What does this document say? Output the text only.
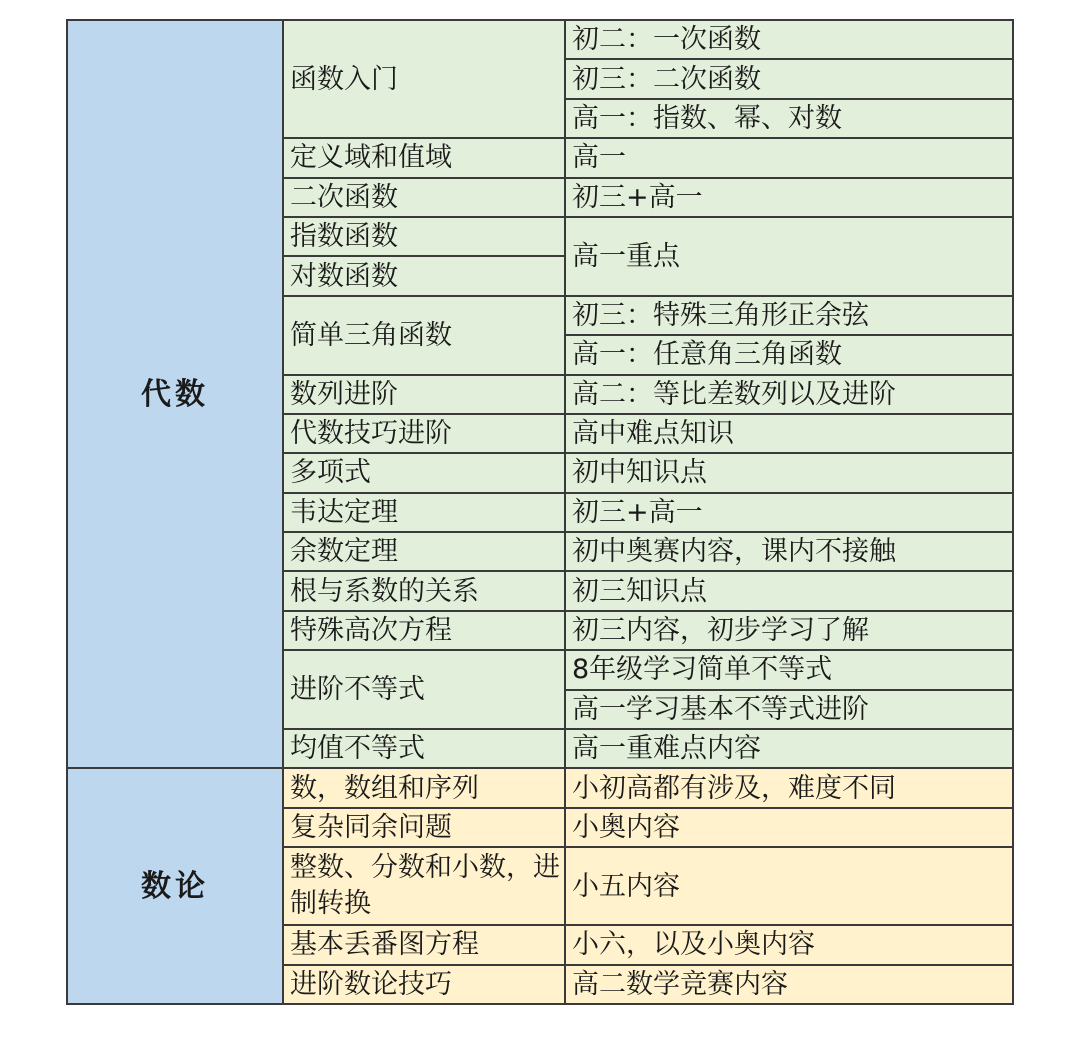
代数	函数入门	初二：一次函数
		初三：二次函数
		高一：指数、幂、对数
	定义域和值域	高一
	二次函数	初三+高一
	指数函数	高一重点
	对数函数	
	简单三角函数	初三：特殊三角形正余弦
		高一：任意角三角函数
	数列进阶	高二：等比差数列以及进阶
	代数技巧进阶	高中难点知识
	多项式	初中知识点
	韦达定理	初三+高一
	余数定理	初中奥赛内容，课内不接触
	根与系数的关系	初三知识点
	特殊高次方程	初三内容，初步学习了解
	进阶不等式	8年级学习简单不等式
		高一学习基本不等式进阶
	均值不等式	高一重难点内容
数论	数，数组和序列	小初高都有涉及，难度不同
	复杂同余问题	小奥内容
	整数、分数和小数，进制转换	小五内容
	基本丢番图方程	小六，以及小奥内容
	进阶数论技巧	高二数学竞赛内容
